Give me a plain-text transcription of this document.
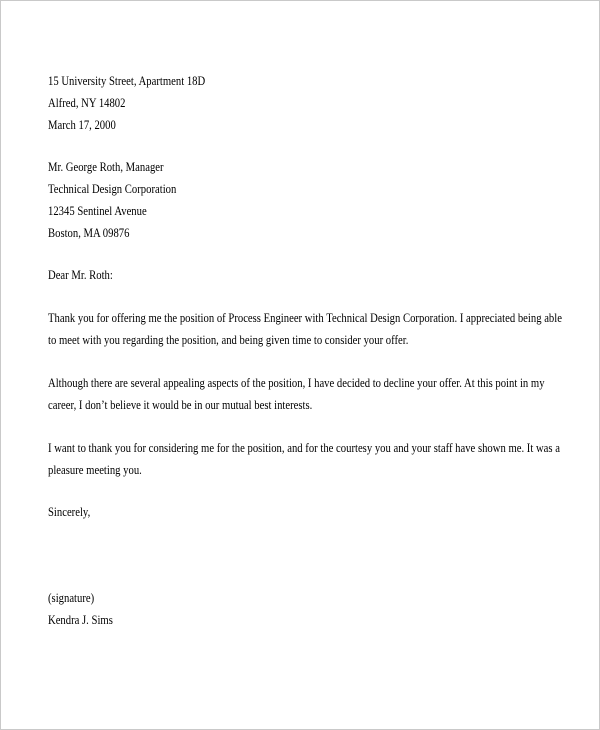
15 University Street, Apartment 18D
Alfred, NY 14802
March 17, 2000
Mr. George Roth, Manager
Technical Design Corporation
12345 Sentinel Avenue
Boston, MA 09876
Dear Mr. Roth:
Thank you for offering me the position of Process Engineer with Technical Design Corporation. I appreciated being able
to meet with you regarding the position, and being given time to consider your offer.
Although there are several appealing aspects of the position, I have decided to decline your offer. At this point in my
career, I don’t believe it would be in our mutual best interests.
I want to thank you for considering me for the position, and for the courtesy you and your staff have shown me. It was a
pleasure meeting you.
Sincerely,
(signature)
Kendra J. Sims
